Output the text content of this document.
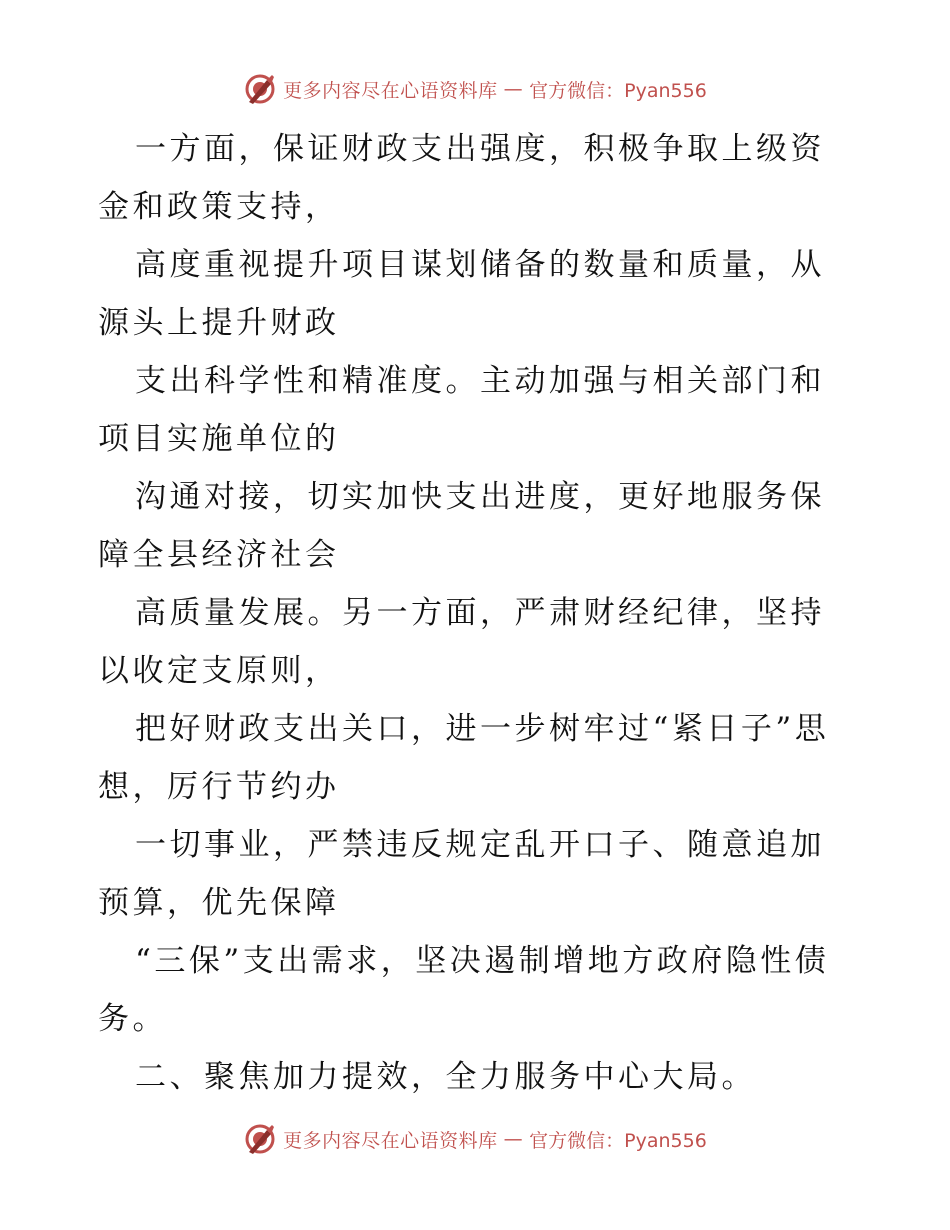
更多内容尽在心语资料库 — 官方微信：Pyan556

一方面，保证财政支出强度，积极争取上级资金和政策支持，

高度重视提升项目谋划储备的数量和质量，从源头上提升财政

支出科学性和精准度。主动加强与相关部门和项目实施单位的

沟通对接，切实加快支出进度，更好地服务保障全县经济社会

高质量发展。另一方面，严肃财经纪律，坚持以收定支原则，

把好财政支出关口，进一步树牢过“紧日子”思想，厉行节约办

一切事业，严禁违反规定乱开口子、随意追加预算，优先保障

“三保”支出需求，坚决遏制增地方政府隐性债务。

二、聚焦加力提效，全力服务中心大局。

更多内容尽在心语资料库 — 官方微信：Pyan556
